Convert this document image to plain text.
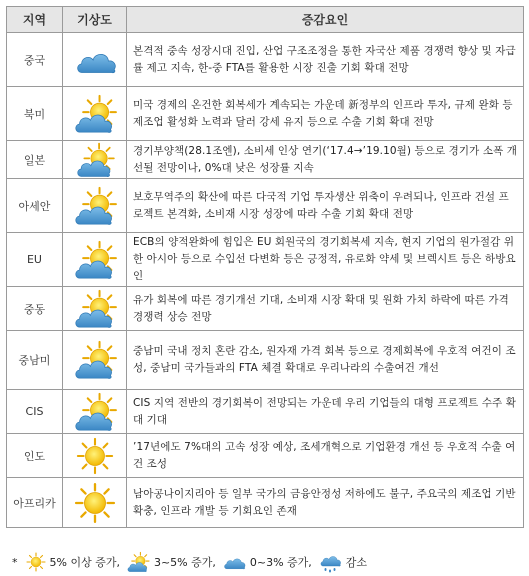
지역	기상도	증감요인
중국		본격적 중속 성장시대 진입, 산업 구조조정을 통한 자국산 제품 경쟁력 향상 및 자급률 제고 지속, 한-중 FTA를 활용한 시장 진출 기회 확대 전망
북미		미국 경제의 온건한 회복세가 계속되는 가운데 新정부의 인프라 투자, 규제 완화 등 제조업 활성화 노력과 달러 강세 유지 등으로 수출 기회 확대 전망
일본		경기부양책(28.1조엔), 소비세 인상 연기(‘17.4→’19.10월) 등으로 경기가 소폭 개선될 전망이나, 0%대 낮은 성장률 지속
아세안		보호무역주의 확산에 따른 다국적 기업 투자생산 위축이 우려되나, 인프라 건설 프로젝트 본격화, 소비재 시장 성장에 따라 수출 기회 확대 전망
EU		ECB의 양적완화에 힘입은 EU 회원국의 경기회복세 지속, 현지 기업의 원가절감 위한 아시아 등으로 수입선 다변화 등은 긍정적, 유로화 약세 및 브렉시트 등은 하방요인
중동		유가 회복에 따른 경기개선 기대, 소비재 시장 확대 및 원화 가치 하락에 따른 가격 경쟁력 상승 전망
중남미		중남미 국내 정치 혼란 감소, 원자재 가격 회복 등으로 경제회복에 우호적 여건이 조성, 중남미 국가들과의 FTA 체결 확대로 우리나라의 수출여건 개선
CIS		CIS 지역 전반의 경기회복이 전망되는 가운데 우리 기업들의 대형 프로젝트 수주 확대 기대
인도		’17년에도 7%대의 고속 성장 예상, 조세개혁으로 기업환경 개선 등 우호적 수출 여건 조성
아프리카		남아공나이지리아 등 일부 국가의 금융안정성 저하에도 불구, 주요국의 제조업 기반 확충, 인프라 개발 등 기회요인 존재
*	5% 이상 증가,	3~5% 증가,	0~3% 증가,	감소
